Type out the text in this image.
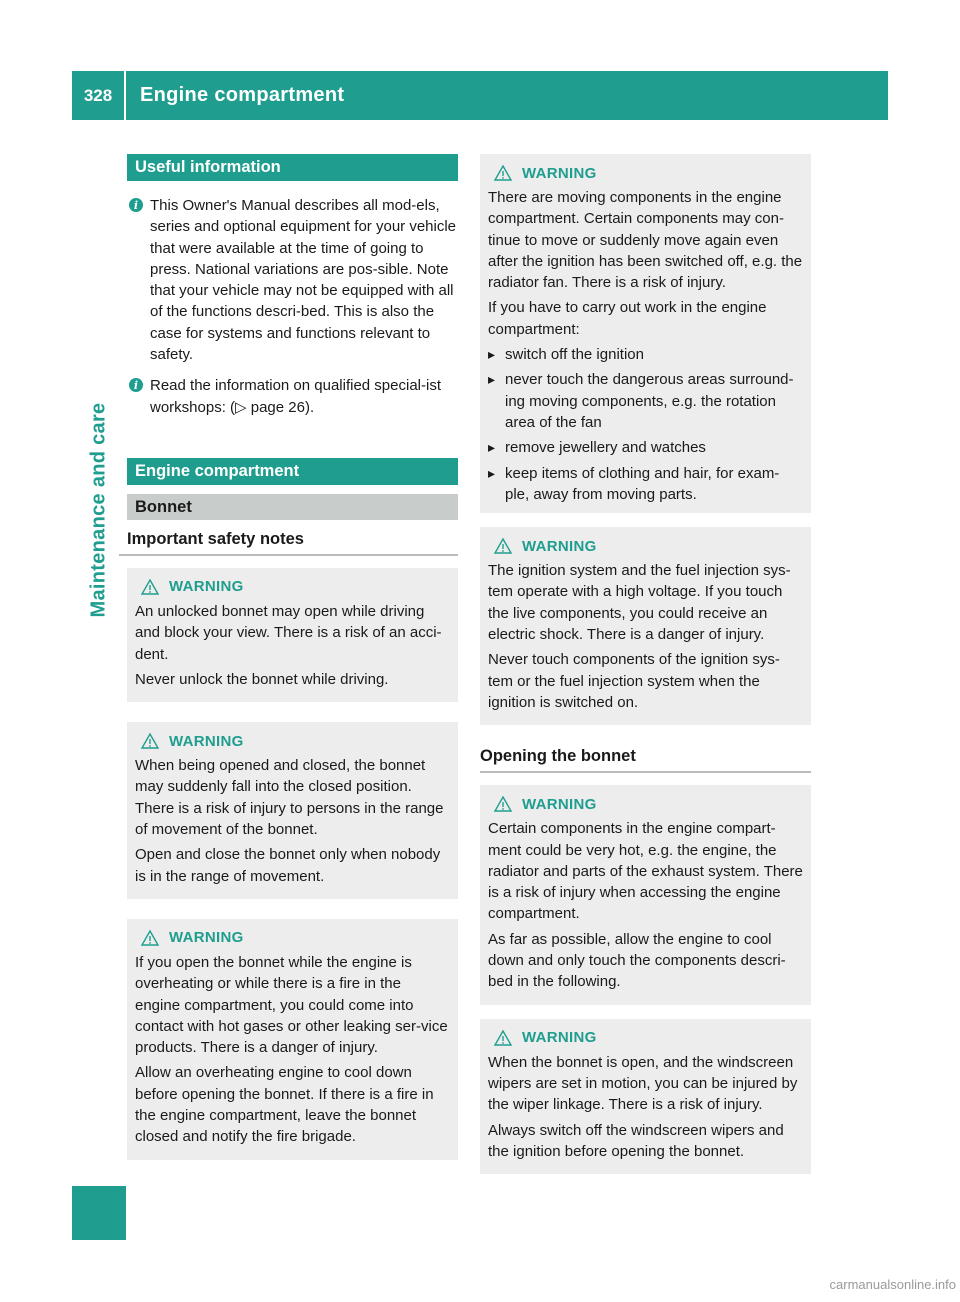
328	Engine compartment
Maintenance and care
Useful information
i This Owner's Manual describes all mod-els, series and optional equipment for your vehicle that were available at the time of going to press. National variations are pos-sible. Note that your vehicle may not be equipped with all of the functions descri-bed. This is also the case for systems and functions relevant to safety.
i Read the information on qualified special-ist workshops: (▷ page 26).
Engine compartment
Bonnet
Important safety notes
WARNING

An unlocked bonnet may open while driving and block your view. There is a risk of an acci-dent.

Never unlock the bonnet while driving.

WARNING

When being opened and closed, the bonnet may suddenly fall into the closed position. There is a risk of injury to persons in the range of movement of the bonnet.

Open and close the bonnet only when nobody is in the range of movement.

WARNING

If you open the bonnet while the engine is overheating or while there is a fire in the engine compartment, you could come into contact with hot gases or other leaking ser-vice products. There is a danger of injury.

Allow an overheating engine to cool down before opening the bonnet. If there is a fire in the engine compartment, leave the bonnet closed and notify the fire brigade.

WARNING

There are moving components in the engine compartment. Certain components may con-tinue to move or suddenly move again even after the ignition has been switched off, e.g. the radiator fan. There is a risk of injury.

If you have to carry out work in the engine compartment:

▸ switch off the ignition
▸ never touch the dangerous areas surround-ing moving components, e.g. the rotation area of the fan
▸ remove jewellery and watches
▸ keep items of clothing and hair, for exam-ple, away from moving parts.
WARNING

The ignition system and the fuel injection sys-tem operate with a high voltage. If you touch the live components, you could receive an electric shock. There is a danger of injury.

Never touch components of the ignition sys-tem or the fuel injection system when the ignition is switched on.

Opening the bonnet
WARNING

Certain components in the engine compart-ment could be very hot, e.g. the engine, the radiator and parts of the exhaust system. There is a risk of injury when accessing the engine compartment.

As far as possible, allow the engine to cool down and only touch the components descri-bed in the following.

WARNING

When the bonnet is open, and the windscreen wipers are set in motion, you can be injured by the wiper linkage. There is a risk of injury.

Always switch off the windscreen wipers and the ignition before opening the bonnet.

carmanualsonline.info
